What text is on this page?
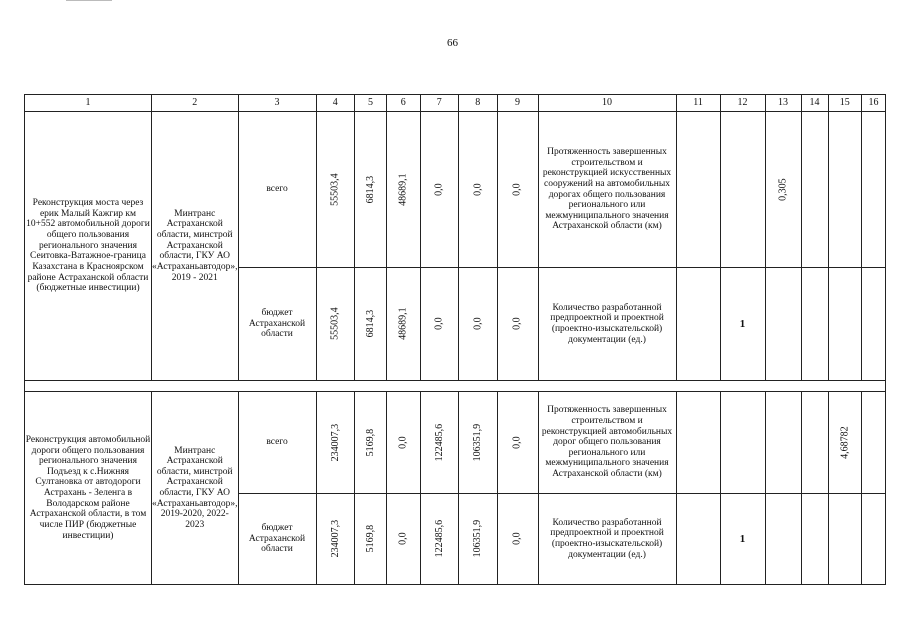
66
1	2	3	4	5	6	7	8	9	10	11	12	13	14	15	16
Реконструкция моста через ерик Малый Кажгир км 10+552 автомобильной дороги общего пользования регионального значения Сеитовка-Ватажное-граница Казахстана в Красноярском районе Астраханской области (бюджетные инвестиции)	Минтранс Астраханской области, минстрой Астраханской области, ГКУ АО «Астраханьавтодор», 2019 - 2021	всего	55503,4	6814,3	48689,1	0,0	0,0	0,0	Протяженность завершенных строительством и реконструкцией искусственных сооружений на автомобильных дорогах общего пользования регионального или межмуниципального значения Астраханской области (км)			0,305			
		бюджет Астраханской области	55503,4	6814,3	48689,1	0,0	0,0	0,0	Количество разработанной предпроектной и проектной (проектно-изыскательской) документации (ед.)		1				

Реконструкция автомобильной дороги общего пользования регионального значения Подъезд к с.Нижняя Султановка от автодороги Астрахань - Зеленга в Володарском районе Астраханской области, в том числе ПИР (бюджетные инвестиции)	Минтранс Астраханской области, минстрой Астраханской области, ГКУ АО «Астраханьавтодор», 2019-2020, 2022-2023	всего	234007,3	5169,8	0,0	122485,6	106351,9	0,0	Протяженность завершенных строительством и реконструкцией автомобильных дорог общего пользования регионального или межмуниципального значения Астраханской области (км)					4,68782	
		бюджет Астраханской области	234007,3	5169,8	0,0	122485,6	106351,9	0,0	Количество разработанной предпроектной и проектной (проектно-изыскательской) документации (ед.)		1				
